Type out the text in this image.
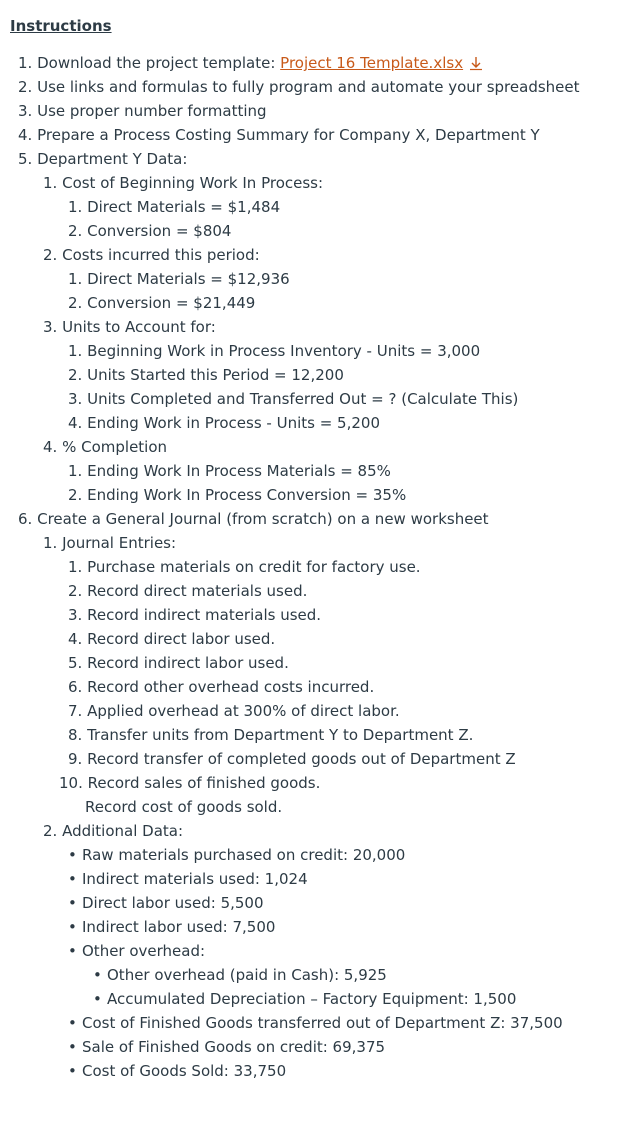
Instructions
1. Download the project template: Project 16 Template.xlsx
2. Use links and formulas to fully program and automate your spreadsheet
3. Use proper number formatting
4. Prepare a Process Costing Summary for Company X, Department Y
5. Department Y Data:
1. Cost of Beginning Work In Process:
1. Direct Materials = $1,484
2. Conversion = $804
2. Costs incurred this period:
1. Direct Materials = $12,936
2. Conversion = $21,449
3. Units to Account for:
1. Beginning Work in Process Inventory - Units = 3,000
2. Units Started this Period = 12,200
3. Units Completed and Transferred Out = ? (Calculate This)
4. Ending Work in Process - Units = 5,200
4. % Completion
1. Ending Work In Process Materials = 85%
2. Ending Work In Process Conversion = 35%
6. Create a General Journal (from scratch) on a new worksheet
1. Journal Entries:
1. Purchase materials on credit for factory use.
2. Record direct materials used.
3. Record indirect materials used.
4. Record direct labor used.
5. Record indirect labor used.
6. Record other overhead costs incurred.
7. Applied overhead at 300% of direct labor.
8. Transfer units from Department Y to Department Z.
9. Record transfer of completed goods out of Department Z
10. Record sales of finished goods.
Record cost of goods sold.
2. Additional Data:
• Raw materials purchased on credit: 20,000
• Indirect materials used: 1,024
• Direct labor used: 5,500
• Indirect labor used: 7,500
• Other overhead:
• Other overhead (paid in Cash): 5,925
• Accumulated Depreciation – Factory Equipment: 1,500
• Cost of Finished Goods transferred out of Department Z: 37,500
• Sale of Finished Goods on credit: 69,375
• Cost of Goods Sold: 33,750
